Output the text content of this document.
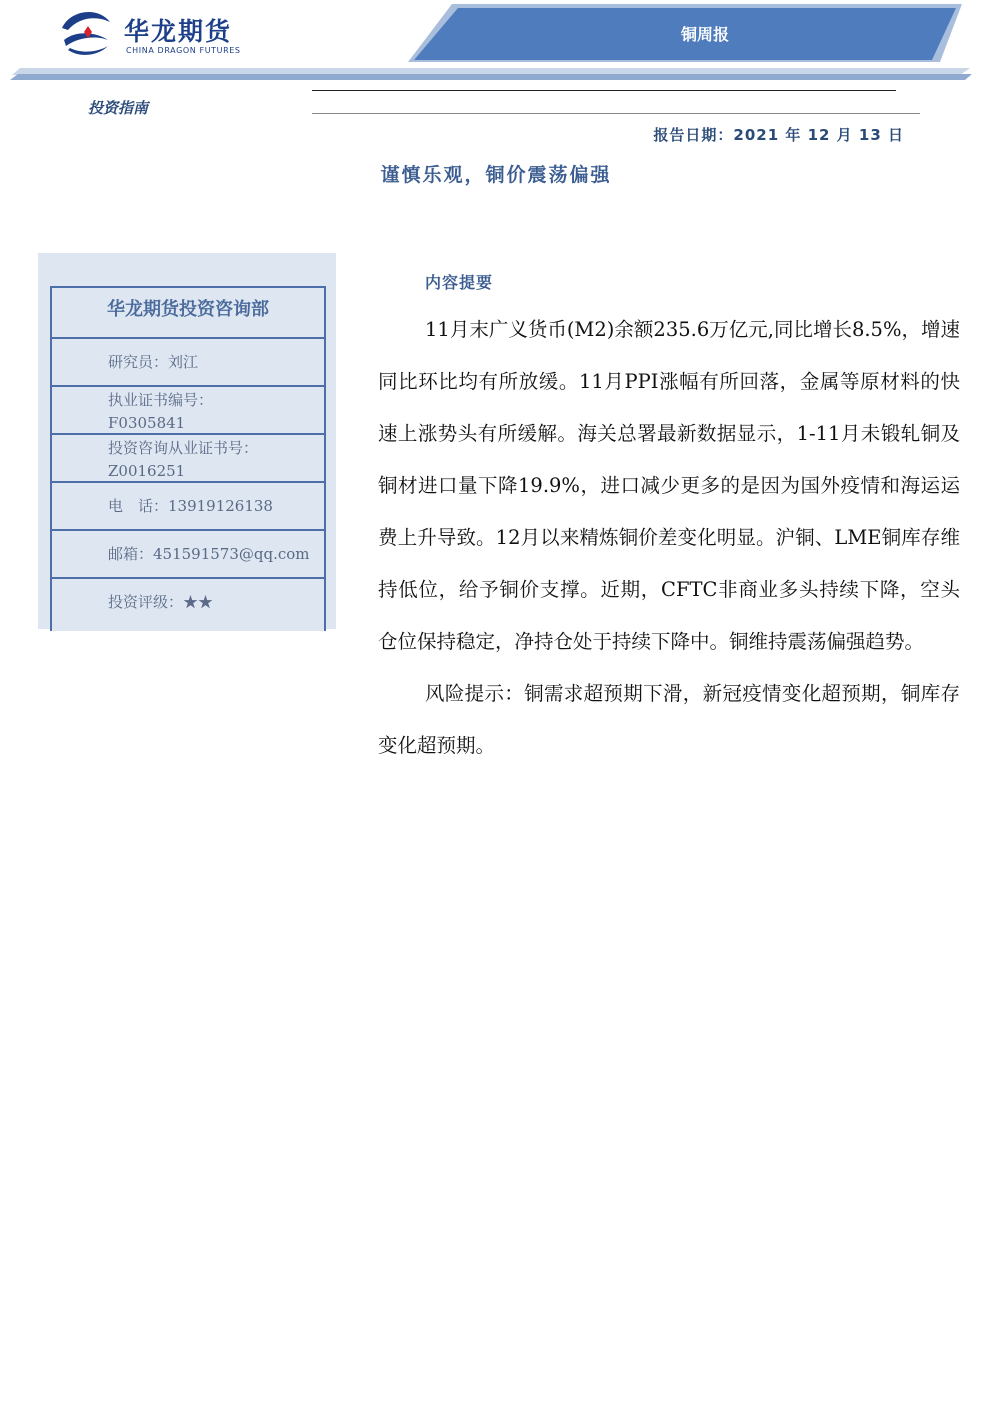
华龙期货
CHINA DRAGON FUTURES
铜周报
投资指南
报告日期：2021 年 12 月 13 日
谨慎乐观，铜价震荡偏强
华龙期货投资咨询部
研究员：刘江
执业证书编号：
F0305841
投资咨询从业证书号：
Z0016251
电　话：13919126138
邮箱：451591573@qq.com
投资评级：★★
内容提要

11月末广义货币(M2)余额235.6万亿元,同比增长8.5%，增速同比环比均有所放缓。11月PPI涨幅有所回落，金属等原材料的快速上涨势头有所缓解。海关总署最新数据显示，1-11月未锻轧铜及铜材进口量下降19.9%，进口减少更多的是因为国外疫情和海运运费上升导致。12月以来精炼铜价差变化明显。沪铜、LME铜库存维持低位，给予铜价支撑。近期，CFTC非商业多头持续下降，空头仓位保持稳定，净持仓处于持续下降中。铜维持震荡偏强趋势。

风险提示：铜需求超预期下滑，新冠疫情变化超预期，铜库存变化超预期。
